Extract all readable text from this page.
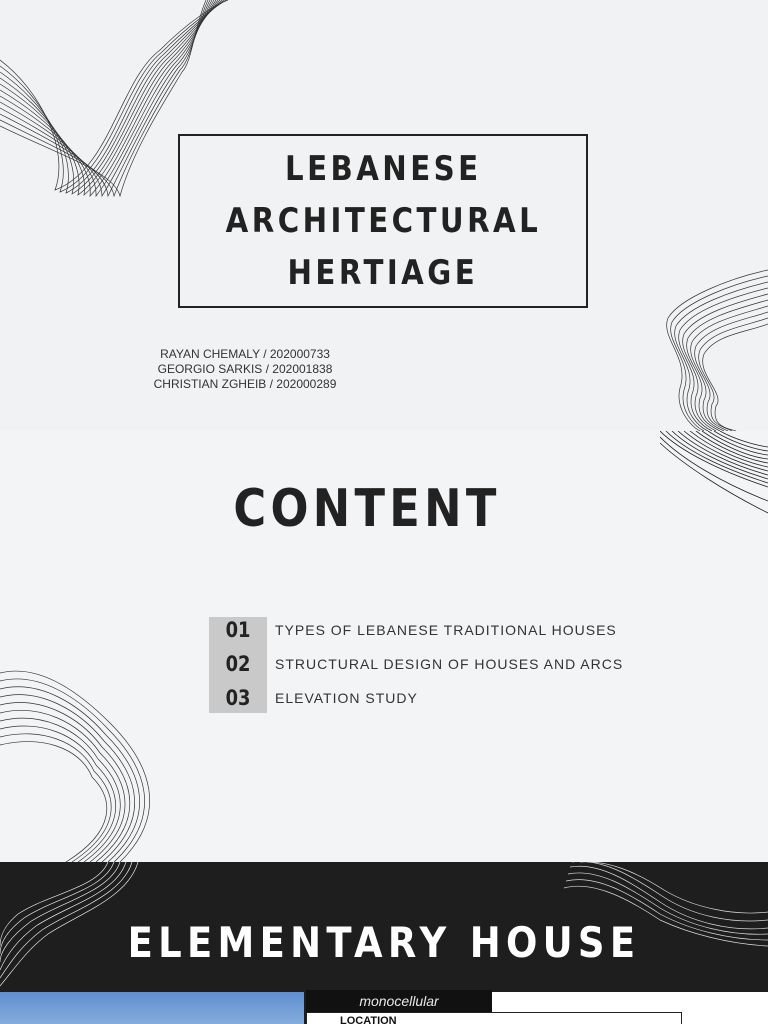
LEBANESE
ARCHITECTURAL
HERTIAGE
RAYAN CHEMALY / 202000733
GEORGIO SARKIS / 202001838
CHRISTIAN ZGHEIB / 202000289
CONTENT
01	TYPES OF LEBANESE TRADITIONAL HOUSES
02	STRUCTURAL DESIGN OF HOUSES AND ARCS
03	ELEVATION STUDY
ELEMENTARY HOUSE
monocellular
LOCATION
